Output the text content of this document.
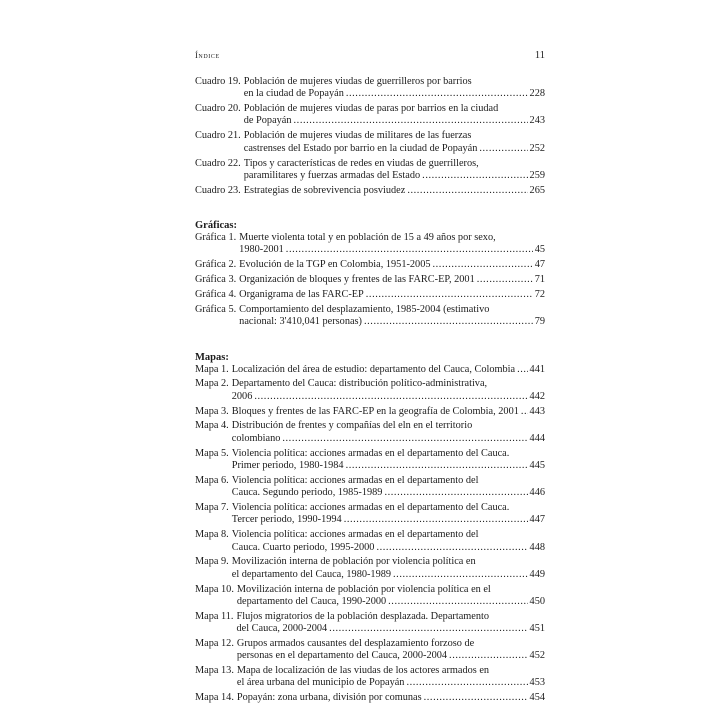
Índice	11
Cuadro 19. Población de mujeres viudas de guerrilleros por barrios
en la ciudad de Popayán . . .	228
Cuadro 20. Población de mujeres viudas de paras por barrios en la ciudad
de Popayán . . .	243
Cuadro 21. Población de mujeres viudas de militares de las fuerzas
castrenses del Estado por barrio en la ciudad de Popayán . . .	252
Cuadro 22. Tipos y características de redes en viudas de guerrilleros,
paramilitares y fuerzas armadas del Estado . . .	259
Cuadro 23. Estrategias de sobrevivencia posviudez . . .	265
Gráficas:
Gráfica 1. Muerte violenta total y en población de 15 a 49 años por sexo,
1980-2001 . . .	45
Gráfica 2. Evolución de la TGP en Colombia, 1951-2005 . . .	47
Gráfica 3. Organización de bloques y frentes de las FARC-EP, 2001 . . .	71
Gráfica 4. Organigrama de las FARC-EP . . .	72
Gráfica 5. Comportamiento del desplazamiento, 1985-2004 (estimativo
nacional: 3'410,041 personas) . . .	79
Mapas:
Mapa 1. Localización del área de estudio: departamento del Cauca, Colombia . . . 441
Mapa 2. Departamento del Cauca: distribución político-administrativa,
2006 . . .	442
Mapa 3. Bloques y frentes de las FARC-EP en la geografía de Colombia, 2001 . . . 443
Mapa 4. Distribución de frentes y compañías del eln en el territorio
colombiano . . .	444
Mapa 5. Violencia política: acciones armadas en el departamento del Cauca.
Primer periodo, 1980-1984 . . .	445
Mapa 6. Violencia política: acciones armadas en el departamento del
Cauca. Segundo periodo, 1985-1989 . . .	446
Mapa 7. Violencia política: acciones armadas en el departamento del Cauca.
Tercer periodo, 1990-1994 . . .	447
Mapa 8. Violencia política: acciones armadas en el departamento del
Cauca. Cuarto periodo, 1995-2000 . . .	448
Mapa 9. Movilización interna de población por violencia política en
el departamento del Cauca, 1980-1989 . . .	449
Mapa 10. Movilización interna de población por violencia política en el
departamento del Cauca, 1990-2000 . . .	450
Mapa 11. Flujos migratorios de la población desplazada. Departamento
del Cauca, 2000-2004 . . .	451
Mapa 12. Grupos armados causantes del desplazamiento forzoso de
personas en el departamento del Cauca, 2000-2004 . . .	452
Mapa 13. Mapa de localización de las viudas de los actores armados en
el área urbana del municipio de Popayán . . .	453
Mapa 14. Popayán: zona urbana, división por comunas . . .	454
